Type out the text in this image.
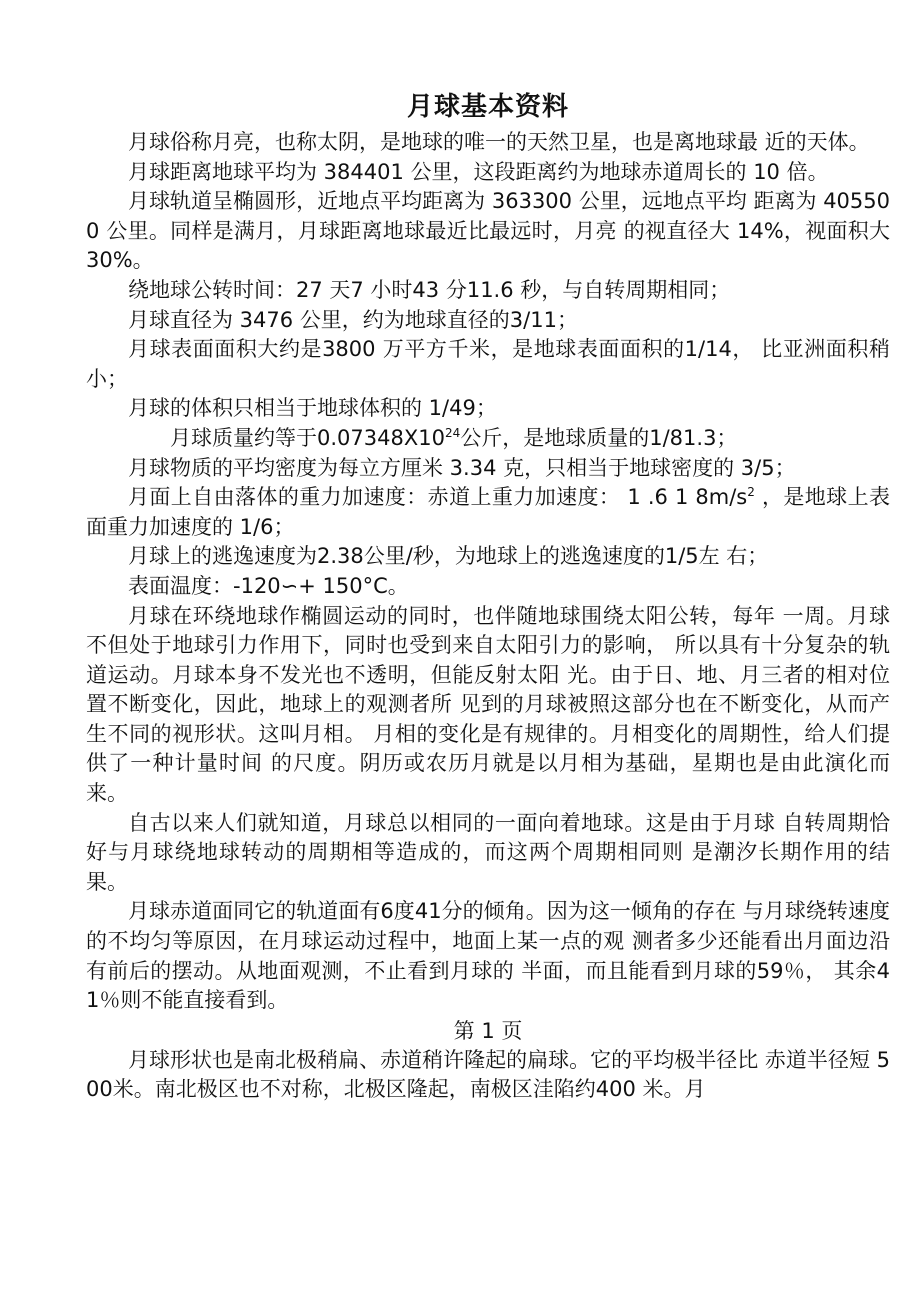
月球基本资料

月球俗称月亮，也称太阴，是地球的唯一的天然卫星，也是离地球最 近的天体。

月球距离地球平均为 384401 公里，这段距离约为地球赤道周长的 10 倍。

月球轨道呈椭圆形，近地点平均距离为 363300 公里，远地点平均 距离为 405500 公里。同样是满月，月球距离地球最近比最远时，月亮 的视直径大 14%，视面积大30%。

绕地球公转时间：27 天7 小时43 分11.6 秒，与自转周期相同；

月球直径为 3476 公里，约为地球直径的3/11；

月球表面面积大约是3800 万平方千米，是地球表面面积的1/14， 比亚洲面积稍小；

月球的体积只相当于地球体积的 1/49；

月球质量约等于$0.07348X10^{24}$公斤，是地球质量的1/81.3；

月球物质的平均密度为每立方厘米 3.34 克，只相当于地球密度的 3/5；

月面上自由落体的重力加速度：赤道上重力加速度： 1 .6 1 $8m/s^2$ ，是地球上表面重力加速度的 1/6；

月球上的逃逸速度为2.38公里/秒，为地球上的逃逸速度的1/5左 右；

表面温度：-120∽+ 150°C。

月球在环绕地球作椭圆运动的同时，也伴随地球围绕太阳公转，每年 一周。月球不但处于地球引力作用下，同时也受到来自太阳引力的影响， 所以具有十分复杂的轨道运动。月球本身不发光也不透明，但能反射太阳 光。由于日、地、月三者的相对位置不断变化，因此，地球上的观测者所 见到的月球被照这部分也在不断变化，从而产生不同的视形状。这叫月相。 月相的变化是有规律的。月相变化的周期性，给人们提供了一种计量时间 的尺度。阴历或农历月就是以月相为基础，星期也是由此演化而来。

自古以来人们就知道，月球总以相同的一面向着地球。这是由于月球 自转周期恰好与月球绕地球转动的周期相等造成的，而这两个周期相同则 是潮汐长期作用的结果。

月球赤道面同它的轨道面有6度41分的倾角。因为这一倾角的存在 与月球绕转速度的不均匀等原因，在月球运动过程中，地面上某一点的观 测者多少还能看出月面边沿有前后的摆动。从地面观测，不止看到月球的 半面，而且能看到月球的59％， 其余41％则不能直接看到。

第 1 页

月球形状也是南北极稍扁、赤道稍许隆起的扁球。它的平均极半径比 赤道半径短 500米。南北极区也不对称，北极区隆起，南极区洼陷约400 米。月
